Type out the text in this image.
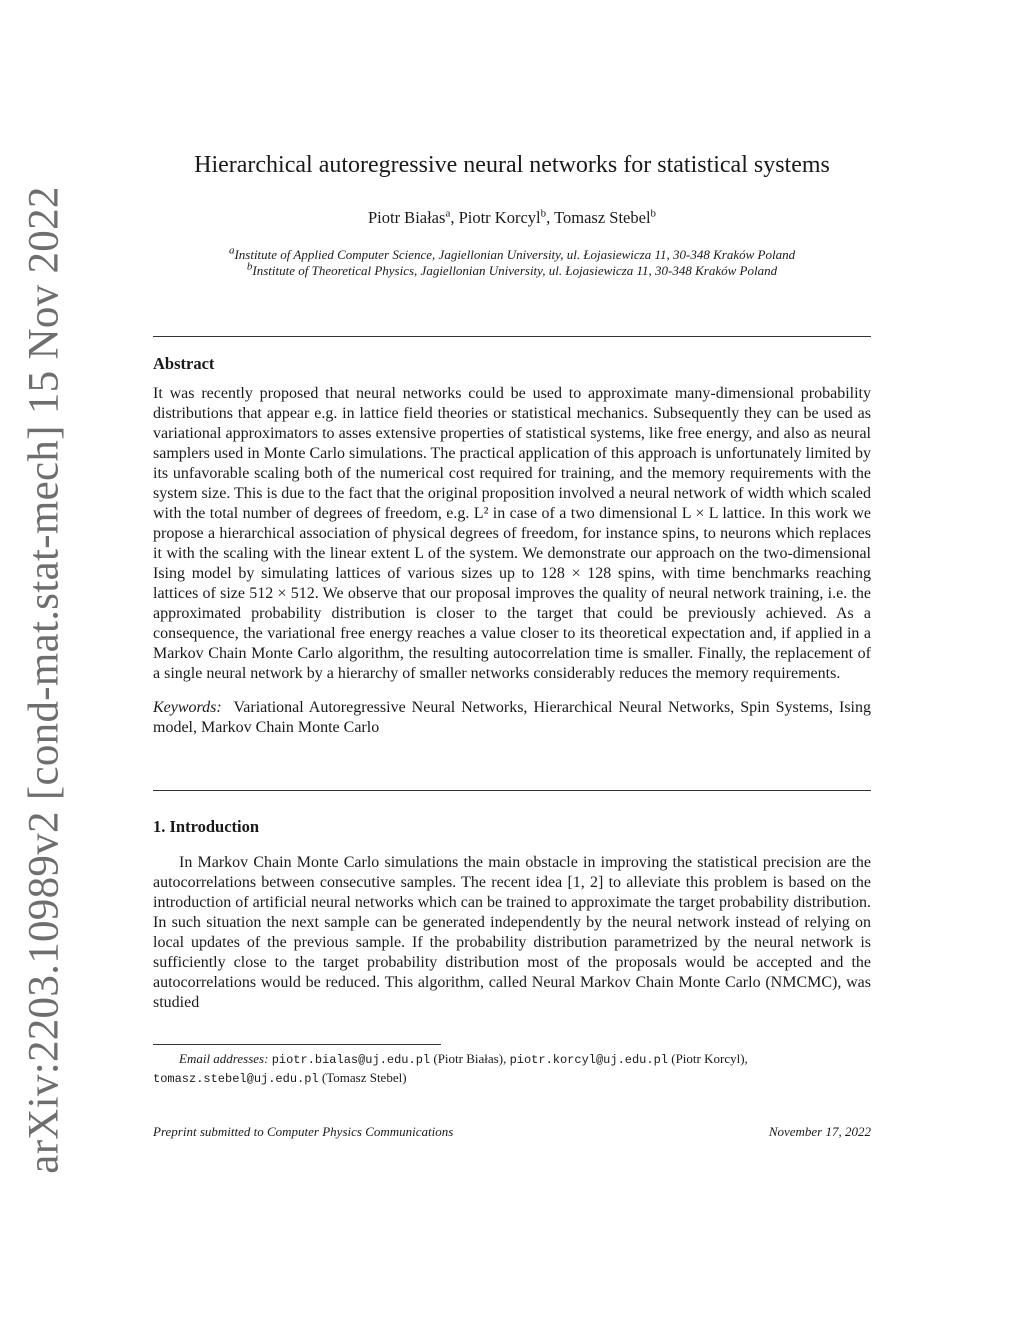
arXiv:2203.10989v2 [cond-mat.stat-mech] 15 Nov 2022
Hierarchical autoregressive neural networks for statistical systems
Piotr Białas$^a$, Piotr Korcyl$^b$, Tomasz Stebel$^b$
$^a$Institute of Applied Computer Science, Jagiellonian University, ul. Łojasiewicza 11, 30-348 Kraków Poland
$^b$Institute of Theoretical Physics, Jagiellonian University, ul. Łojasiewicza 11, 30-348 Kraków Poland
Abstract

It was recently proposed that neural networks could be used to approximate many-dimensional probability distributions that appear e.g. in lattice field theories or statistical mechanics. Subsequently they can be used as variational approximators to asses extensive properties of statistical systems, like free energy, and also as neural samplers used in Monte Carlo simulations. The practical application of this approach is unfortunately limited by its unfavorable scaling both of the numerical cost required for training, and the memory requirements with the system size. This is due to the fact that the original proposition involved a neural network of width which scaled with the total number of degrees of freedom, e.g. L² in case of a two dimensional L × L lattice. In this work we propose a hierarchical association of physical degrees of freedom, for instance spins, to neurons which replaces it with the scaling with the linear extent L of the system. We demonstrate our approach on the two-dimensional Ising model by simulating lattices of various sizes up to 128 × 128 spins, with time benchmarks reaching lattices of size 512 × 512. We observe that our proposal improves the quality of neural network training, i.e. the approximated probability distribution is closer to the target that could be previously achieved. As a consequence, the variational free energy reaches a value closer to its theoretical expectation and, if applied in a Markov Chain Monte Carlo algorithm, the resulting autocorrelation time is smaller. Finally, the replacement of a single neural network by a hierarchy of smaller networks considerably reduces the memory requirements.

Keywords: Variational Autoregressive Neural Networks, Hierarchical Neural Networks, Spin Systems, Ising model, Markov Chain Monte Carlo

1. Introduction

In Markov Chain Monte Carlo simulations the main obstacle in improving the statistical precision are the autocorrelations between consecutive samples. The recent idea [1, 2] to alleviate this problem is based on the introduction of artificial neural networks which can be trained to approximate the target probability distribution. In such situation the next sample can be generated independently by the neural network instead of relying on local updates of the previous sample. If the probability distribution parametrized by the neural network is sufficiently close to the target probability distribution most of the proposals would be accepted and the autocorrelations would be reduced. This algorithm, called Neural Markov Chain Monte Carlo (NMCMC), was studied

Email addresses: piotr.bialas@uj.edu.pl (Piotr Białas), piotr.korcyl@uj.edu.pl (Piotr Korcyl),
tomasz.stebel@uj.edu.pl (Tomasz Stebel)
Preprint submitted to Computer Physics Communications	November 17, 2022
